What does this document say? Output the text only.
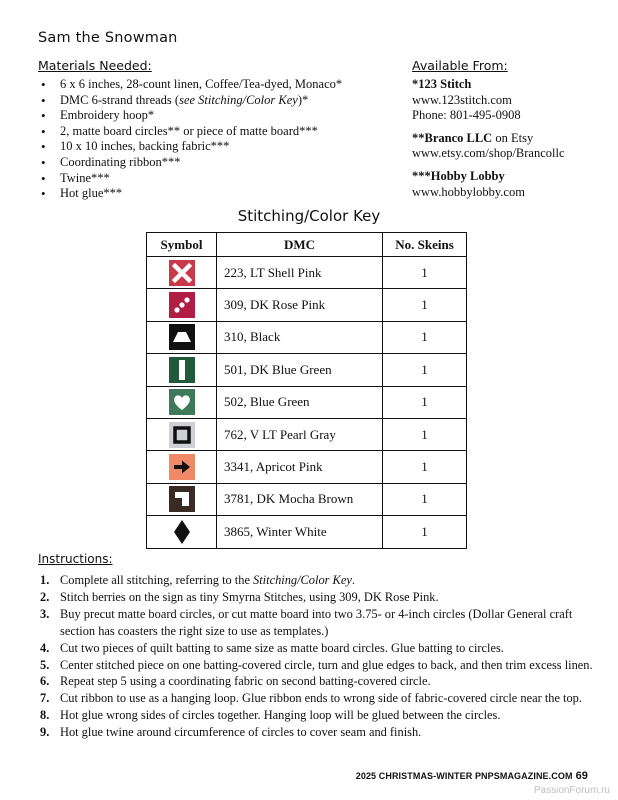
Sam the Snowman
Materials Needed:
• 6 x 6 inches, 28-count linen, Coffee/Tea-dyed, Monaco*
• DMC 6-strand threads (see Stitching/Color Key)*
• Embroidery hoop*
• 2, matte board circles** or piece of matte board***
• 10 x 10 inches, backing fabric***
• Coordinating ribbon***
• Twine***
• Hot glue***
Available From:
*123 Stitch
www.123stitch.com
Phone: 801-495-0908
**Branco LLC on Etsy
www.etsy.com/shop/Brancollc
***Hobby Lobby
www.hobbylobby.com
Stitching/Color Key
Symbol	DMC	No. Skeins

	223, LT Shell Pink	1

	309, DK Rose Pink	1

	310, Black	1

	501, DK Blue Green	1

	502, Blue Green	1

	762, V LT Pearl Gray	1

	3341, Apricot Pink	1

	3781, DK Mocha Brown	1

	3865, Winter White	1
Instructions:
1. Complete all stitching, referring to the Stitching/Color Key.
2. Stitch berries on the sign as tiny Smyrna Stitches, using 309, DK Rose Pink.
3. Buy precut matte board circles, or cut matte board into two 3.75- or 4-inch circles (Dollar General craft section has coasters the right size to use as templates.)
4. Cut two pieces of quilt batting to same size as matte board circles. Glue batting to circles.
5. Center stitched piece on one batting-covered circle, turn and glue edges to back, and then trim excess linen.
6. Repeat step 5 using a coordinating fabric on second batting-covered circle.
7. Cut ribbon to use as a hanging loop. Glue ribbon ends to wrong side of fabric-covered circle near the top.
8. Hot glue wrong sides of circles together. Hanging loop will be glued between the circles.
9. Hot glue twine around circumference of circles to cover seam and finish.
2025 CHRISTMAS-WINTER PNPSMAGAZINE.COM 69
PassionForum.ru
